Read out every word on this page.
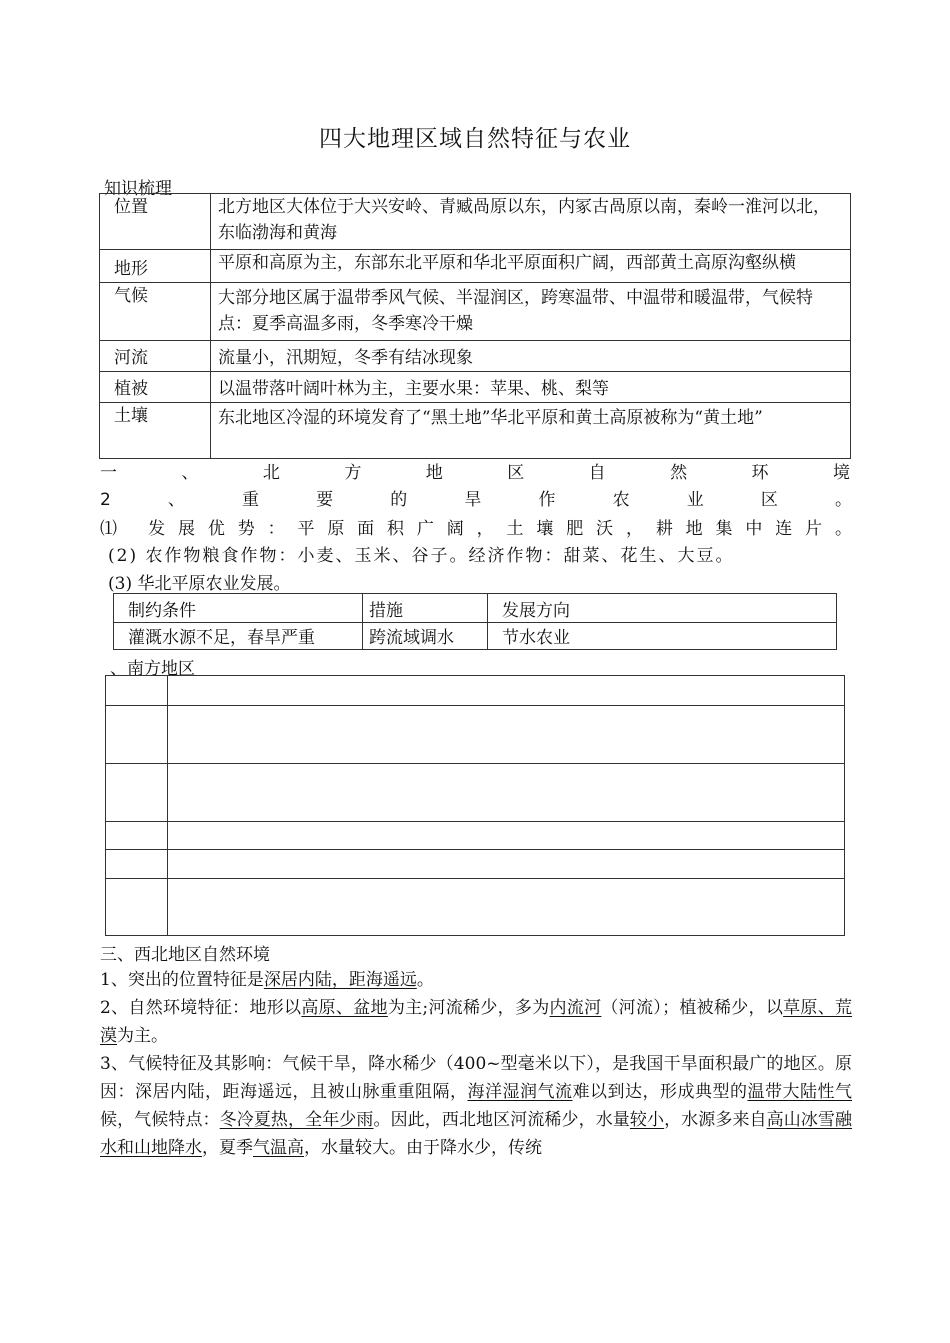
四大地理区域自然特征与农业
知识梳理
位置	北方地区大体位于大兴安岭、青臧咼原以东，内冢古咼原以南，秦岭一淮河以北，东临渤海和黄海
地形	平原和高原为主，东部东北平原和华北平原面积广阔，西部黄土高原沟壑纵横

气候	大部分地区属于温带季风气候、半湿润区，跨寒温带、中温带和暖温带，气候特点：夏季高温多雨，冬季寒冷干燥
河流	流量小，汛期短，冬季有结冰现象
植被	以温带落叶阔叶林为主，主要水果：苹果、桃、梨等
土壤	东北地区冷湿的环境发育了“黑土地”华北平原和黄土高原被称为“黄土地”
一、北方地区自然环境
2、重要的旱作农业区。
⑴ 发展优势：平原面积广阔，土壤肥沃，耕地集中连片。
(2) 农作物粮食作物：小麦、玉米、谷子。经济作物：甜菜、花生、大豆。
(3) 华北平原农业发展。
制约条件	措施	发展方向
灌溉水源不足，春旱严重	跨流域调水	节水农业
、南方地区

三、西北地区自然环境
1、突出的位置特征是深居内陆，距海遥远。
2、自然环境特征：地形以高原、盆地为主;河流稀少，多为内流河（河流）；植被稀少，以草原、荒漠为主。
3、气候特征及其影响：气候干旱，降水稀少（400~型毫米以下），是我国干旱面积最广的地区。原因：深居内陆，距海遥远，且被山脉重重阻隔，海洋湿润气流难以到达，形成典型的温带大陆性气候，气候特点：冬冷夏热，全年少雨。因此，西北地区河流稀少，水量较小，水源多来自高山冰雪融水和山地降水，夏季气温高，水量较大。由于降水少，传统
